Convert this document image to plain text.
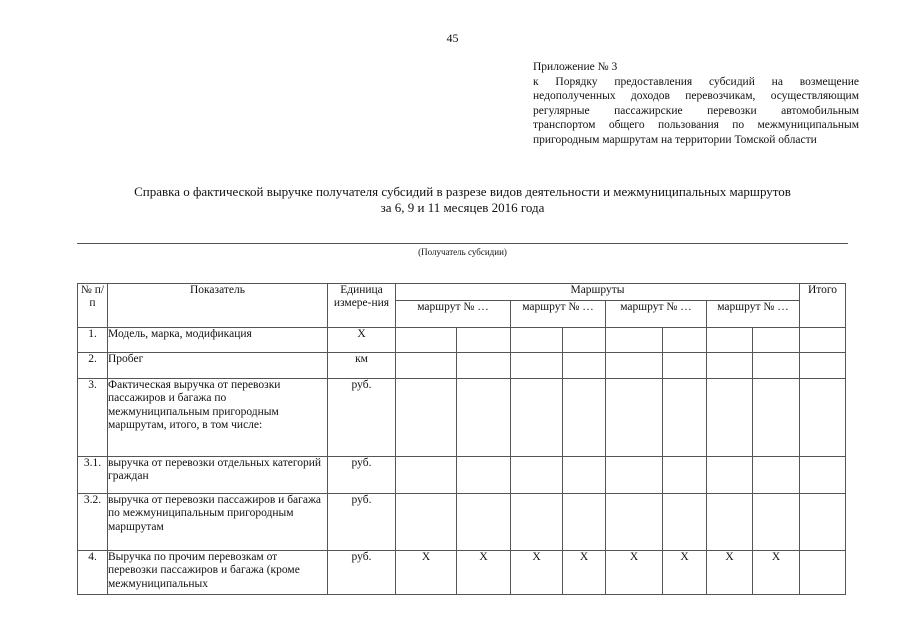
45

Приложение № 3

к Порядку предоставления субсидий на возмещение недополученных доходов перевозчикам, осуществляющим регулярные пассажирские перевозки автомобильным транспортом общего пользования по межмуниципальным пригородным маршрутам на территории Томской области

Справка о фактической выручке получателя субсидий в разрезе видов деятельности и межмуниципальных маршрутов
за 6, 9 и 11 месяцев 2016 года
(Получатель субсидии)
№ п/п	Показатель	Единица измере-ния	Маршруты								Итого
			маршрут № …		маршрут № …		маршрут № …		маршрут № …		
1.	Модель, марка, модификация	Х									
2.	Пробег	км									
3.	Фактическая выручка от перевозки пассажиров и багажа по межмуниципальным пригородным маршрутам, итого, в том числе:	руб.									
3.1.	выручка от перевозки отдельных категорий граждан	руб.									
3.2.	выручка от перевозки пассажиров и багажа по межмуниципальным пригородным маршрутам	руб.									
4.	Выручка по прочим перевозкам от перевозки пассажиров и багажа (кроме межмуниципальных	руб.	Х	Х	Х	Х	Х	Х	Х	Х	
